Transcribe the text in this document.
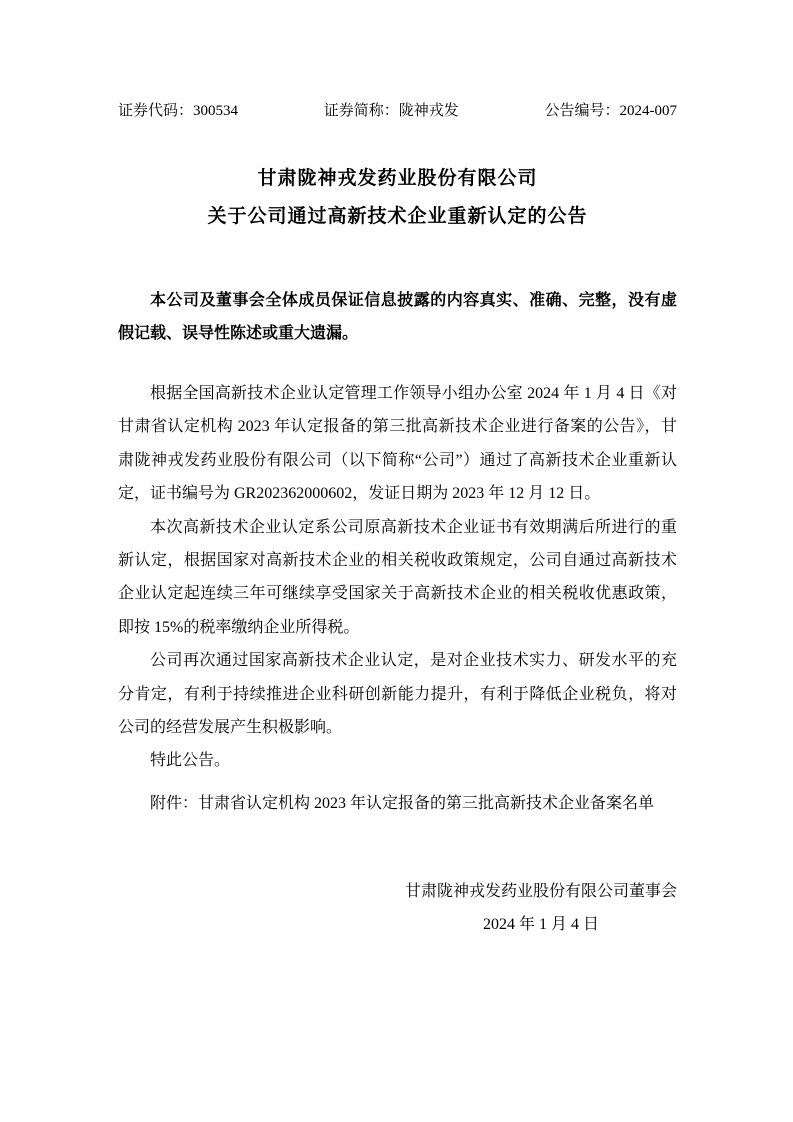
证券代码：300534	证券简称：陇神戎发	公告编号：2024-007
甘肃陇神戎发药业股份有限公司
关于公司通过高新技术企业重新认定的公告

本公司及董事会全体成员保证信息披露的内容真实、准确、完整，没有虚假记载、误导性陈述或重大遗漏。

根据全国高新技术企业认定管理工作领导小组办公室 2024 年 1 月 4 日《对甘肃省认定机构 2023 年认定报备的第三批高新技术企业进行备案的公告》，甘肃陇神戎发药业股份有限公司（以下简称“公司”）通过了高新技术企业重新认定，证书编号为 GR202362000602，发证日期为 2023 年 12 月 12 日。

本次高新技术企业认定系公司原高新技术企业证书有效期满后所进行的重新认定，根据国家对高新技术企业的相关税收政策规定，公司自通过高新技术企业认定起连续三年可继续享受国家关于高新技术企业的相关税收优惠政策，即按 15%的税率缴纳企业所得税。

公司再次通过国家高新技术企业认定，是对企业技术实力、研发水平的充分肯定，有利于持续推进企业科研创新能力提升，有利于降低企业税负，将对公司的经营发展产生积极影响。

特此公告。

附件：甘肃省认定机构 2023 年认定报备的第三批高新技术企业备案名单

甘肃陇神戎发药业股份有限公司董事会
2024 年 1 月 4 日
